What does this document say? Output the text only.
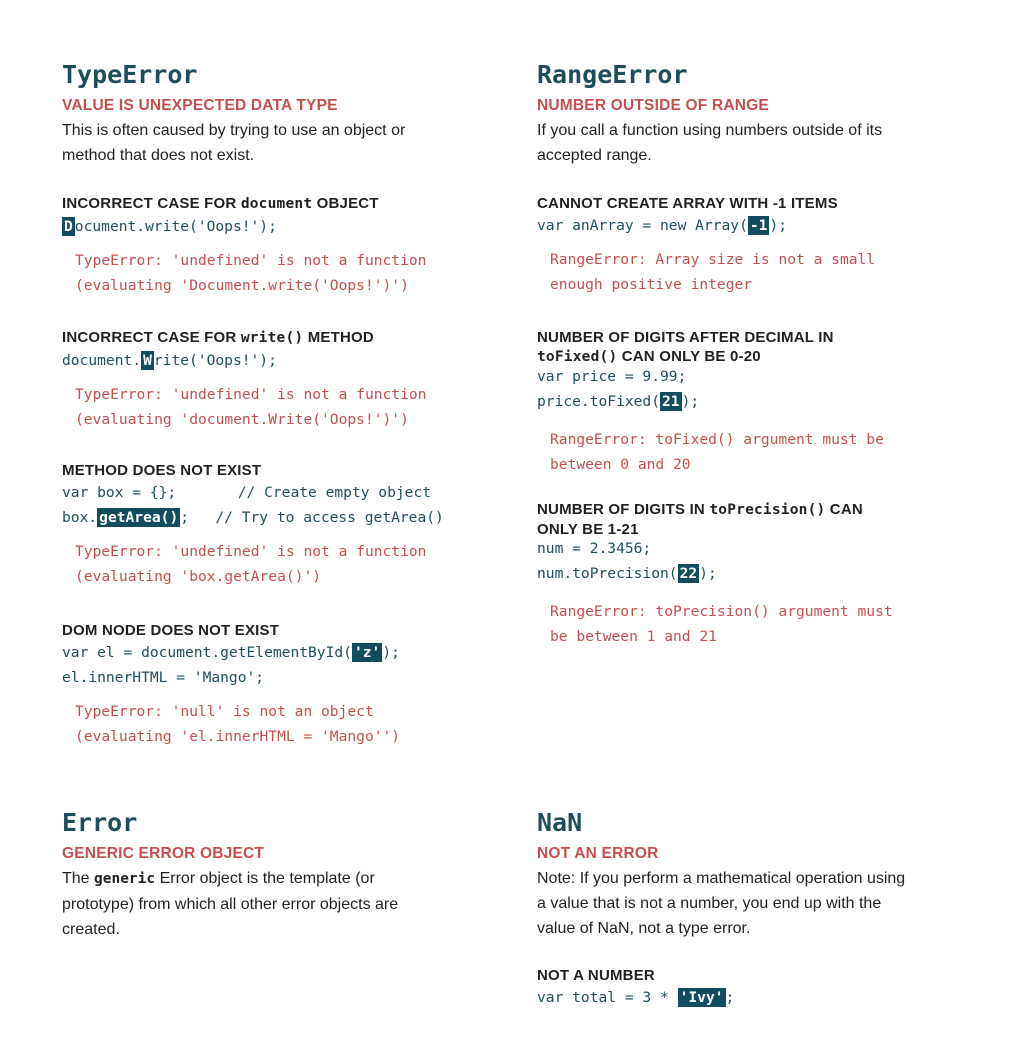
TypeError
VALUE IS UNEXPECTED DATA TYPE

This is often caused by trying to use an object or

method that does not exist.

INCORRECT CASE FOR document OBJECT

D ocument.write('Oops!');

TypeError: 'undefined' is not a function

(evaluating 'Document.write('Oops!')')

INCORRECT CASE FOR write() METHOD

document. W rite('Oops!');

TypeError: 'undefined' is not a function

(evaluating 'document.Write('Oops!')')

METHOD DOES NOT EXIST

var box = {};       // Create empty object

box. getArea() ;   // Try to access getArea()

TypeError: 'undefined' is not a function

(evaluating 'box.getArea()')

DOM NODE DOES NOT EXIST

var el = document.getElementById( 'z' );

el.innerHTML = 'Mango';

TypeError: 'null' is not an object

(evaluating 'el.innerHTML = 'Mango'')

RangeError
NUMBER OUTSIDE OF RANGE

If you call a function using numbers outside of its

accepted range.

CANNOT CREATE ARRAY WITH -1 ITEMS

var anArray = new Array( -1 );

RangeError: Array size is not a small

enough positive integer

NUMBER OF DIGITS AFTER DECIMAL IN

toFixed() CAN ONLY BE 0-20

var price = 9.99;

price.toFixed( 21 );

RangeError: toFixed() argument must be

between 0 and 20

NUMBER OF DIGITS IN toPrecision() CAN

ONLY BE 1-21

num = 2.3456;

num.toPrecision( 22 );

RangeError: toPrecision() argument must

be between 1 and 21

Error
GENERIC ERROR OBJECT

The generic Error object is the template (or

prototype) from which all other error objects are

created.

NaN
NOT AN ERROR

Note: If you perform a mathematical operation using

a value that is not a number, you end up with the

value of NaN, not a type error.

NOT A NUMBER

var total = 3 * 'Ivy' ;
